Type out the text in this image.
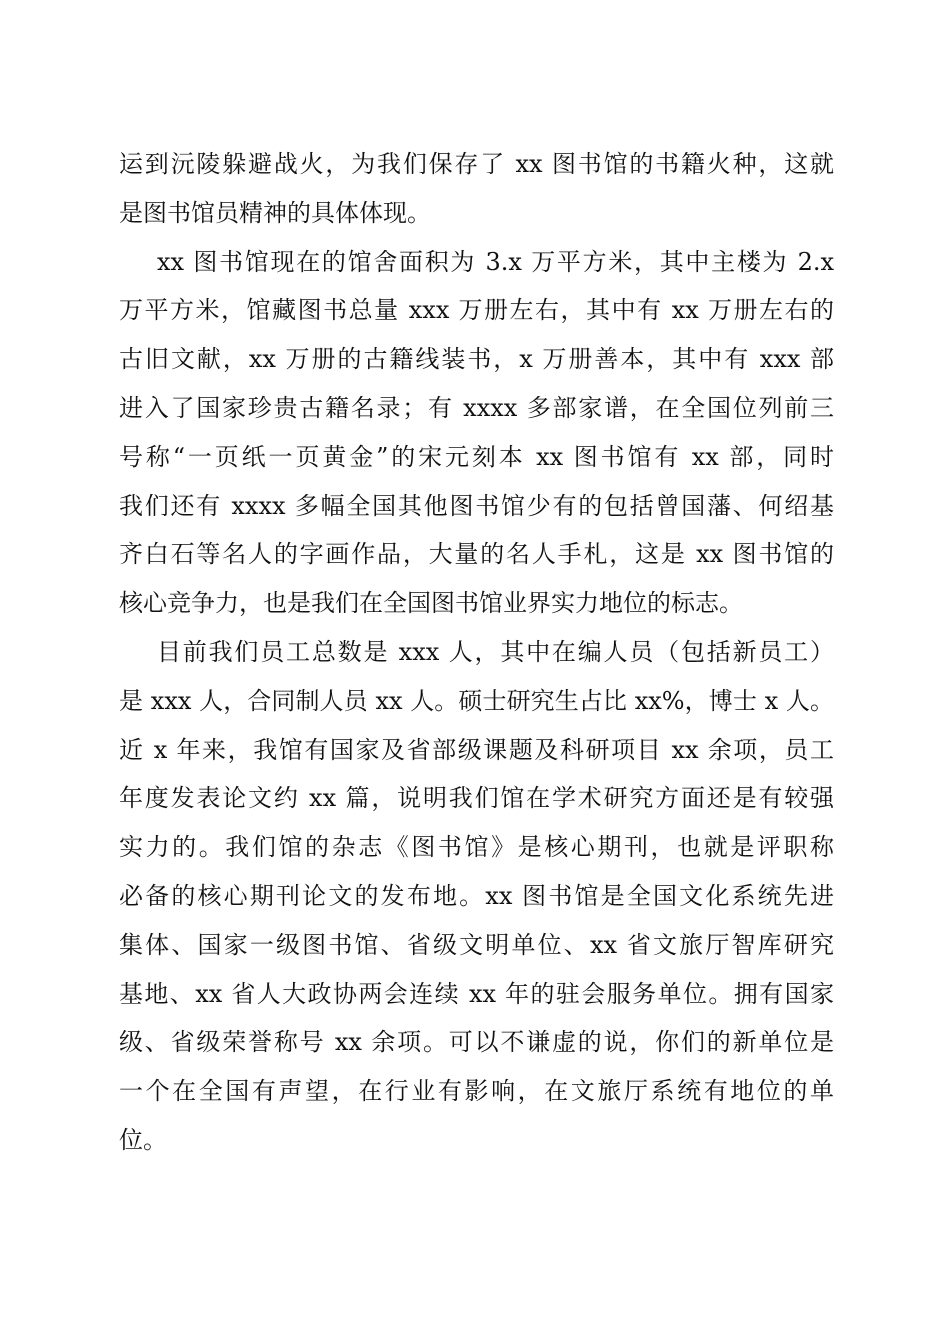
运到沅陵躲避战火，为我们保存了 xx 图书馆的书籍火种，这就
是图书馆员精神的具体体现。
xx 图书馆现在的馆舍面积为 3.x 万平方米，其中主楼为 2.x
万平方米，馆藏图书总量 xxx 万册左右，其中有 xx 万册左右的
古旧文献，xx 万册的古籍线装书，x 万册善本，其中有 xxx 部
进入了国家珍贵古籍名录；有 xxxx 多部家谱，在全国位列前三
号称“一页纸一页黄金”的宋元刻本 xx 图书馆有 xx 部，同时
我们还有 xxxx 多幅全国其他图书馆少有的包括曾国藩、何绍基
齐白石等名人的字画作品，大量的名人手札，这是 xx 图书馆的
核心竞争力，也是我们在全国图书馆业界实力地位的标志。
目前我们员工总数是 xxx 人，其中在编人员（包括新员工）
是 xxx 人，合同制人员 xx 人。硕士研究生占比 xx%，博士 x 人。
近 x 年来，我馆有国家及省部级课题及科研项目 xx 余项，员工
年度发表论文约 xx 篇，说明我们馆在学术研究方面还是有较强
实力的。我们馆的杂志《图书馆》是核心期刊，也就是评职称
必备的核心期刊论文的发布地。xx 图书馆是全国文化系统先进
集体、国家一级图书馆、省级文明单位、xx 省文旅厅智库研究
基地、xx 省人大政协两会连续 xx 年的驻会服务单位。拥有国家
级、省级荣誉称号 xx 余项。可以不谦虚的说，你们的新单位是
一个在全国有声望，在行业有影响，在文旅厅系统有地位的单
位。
